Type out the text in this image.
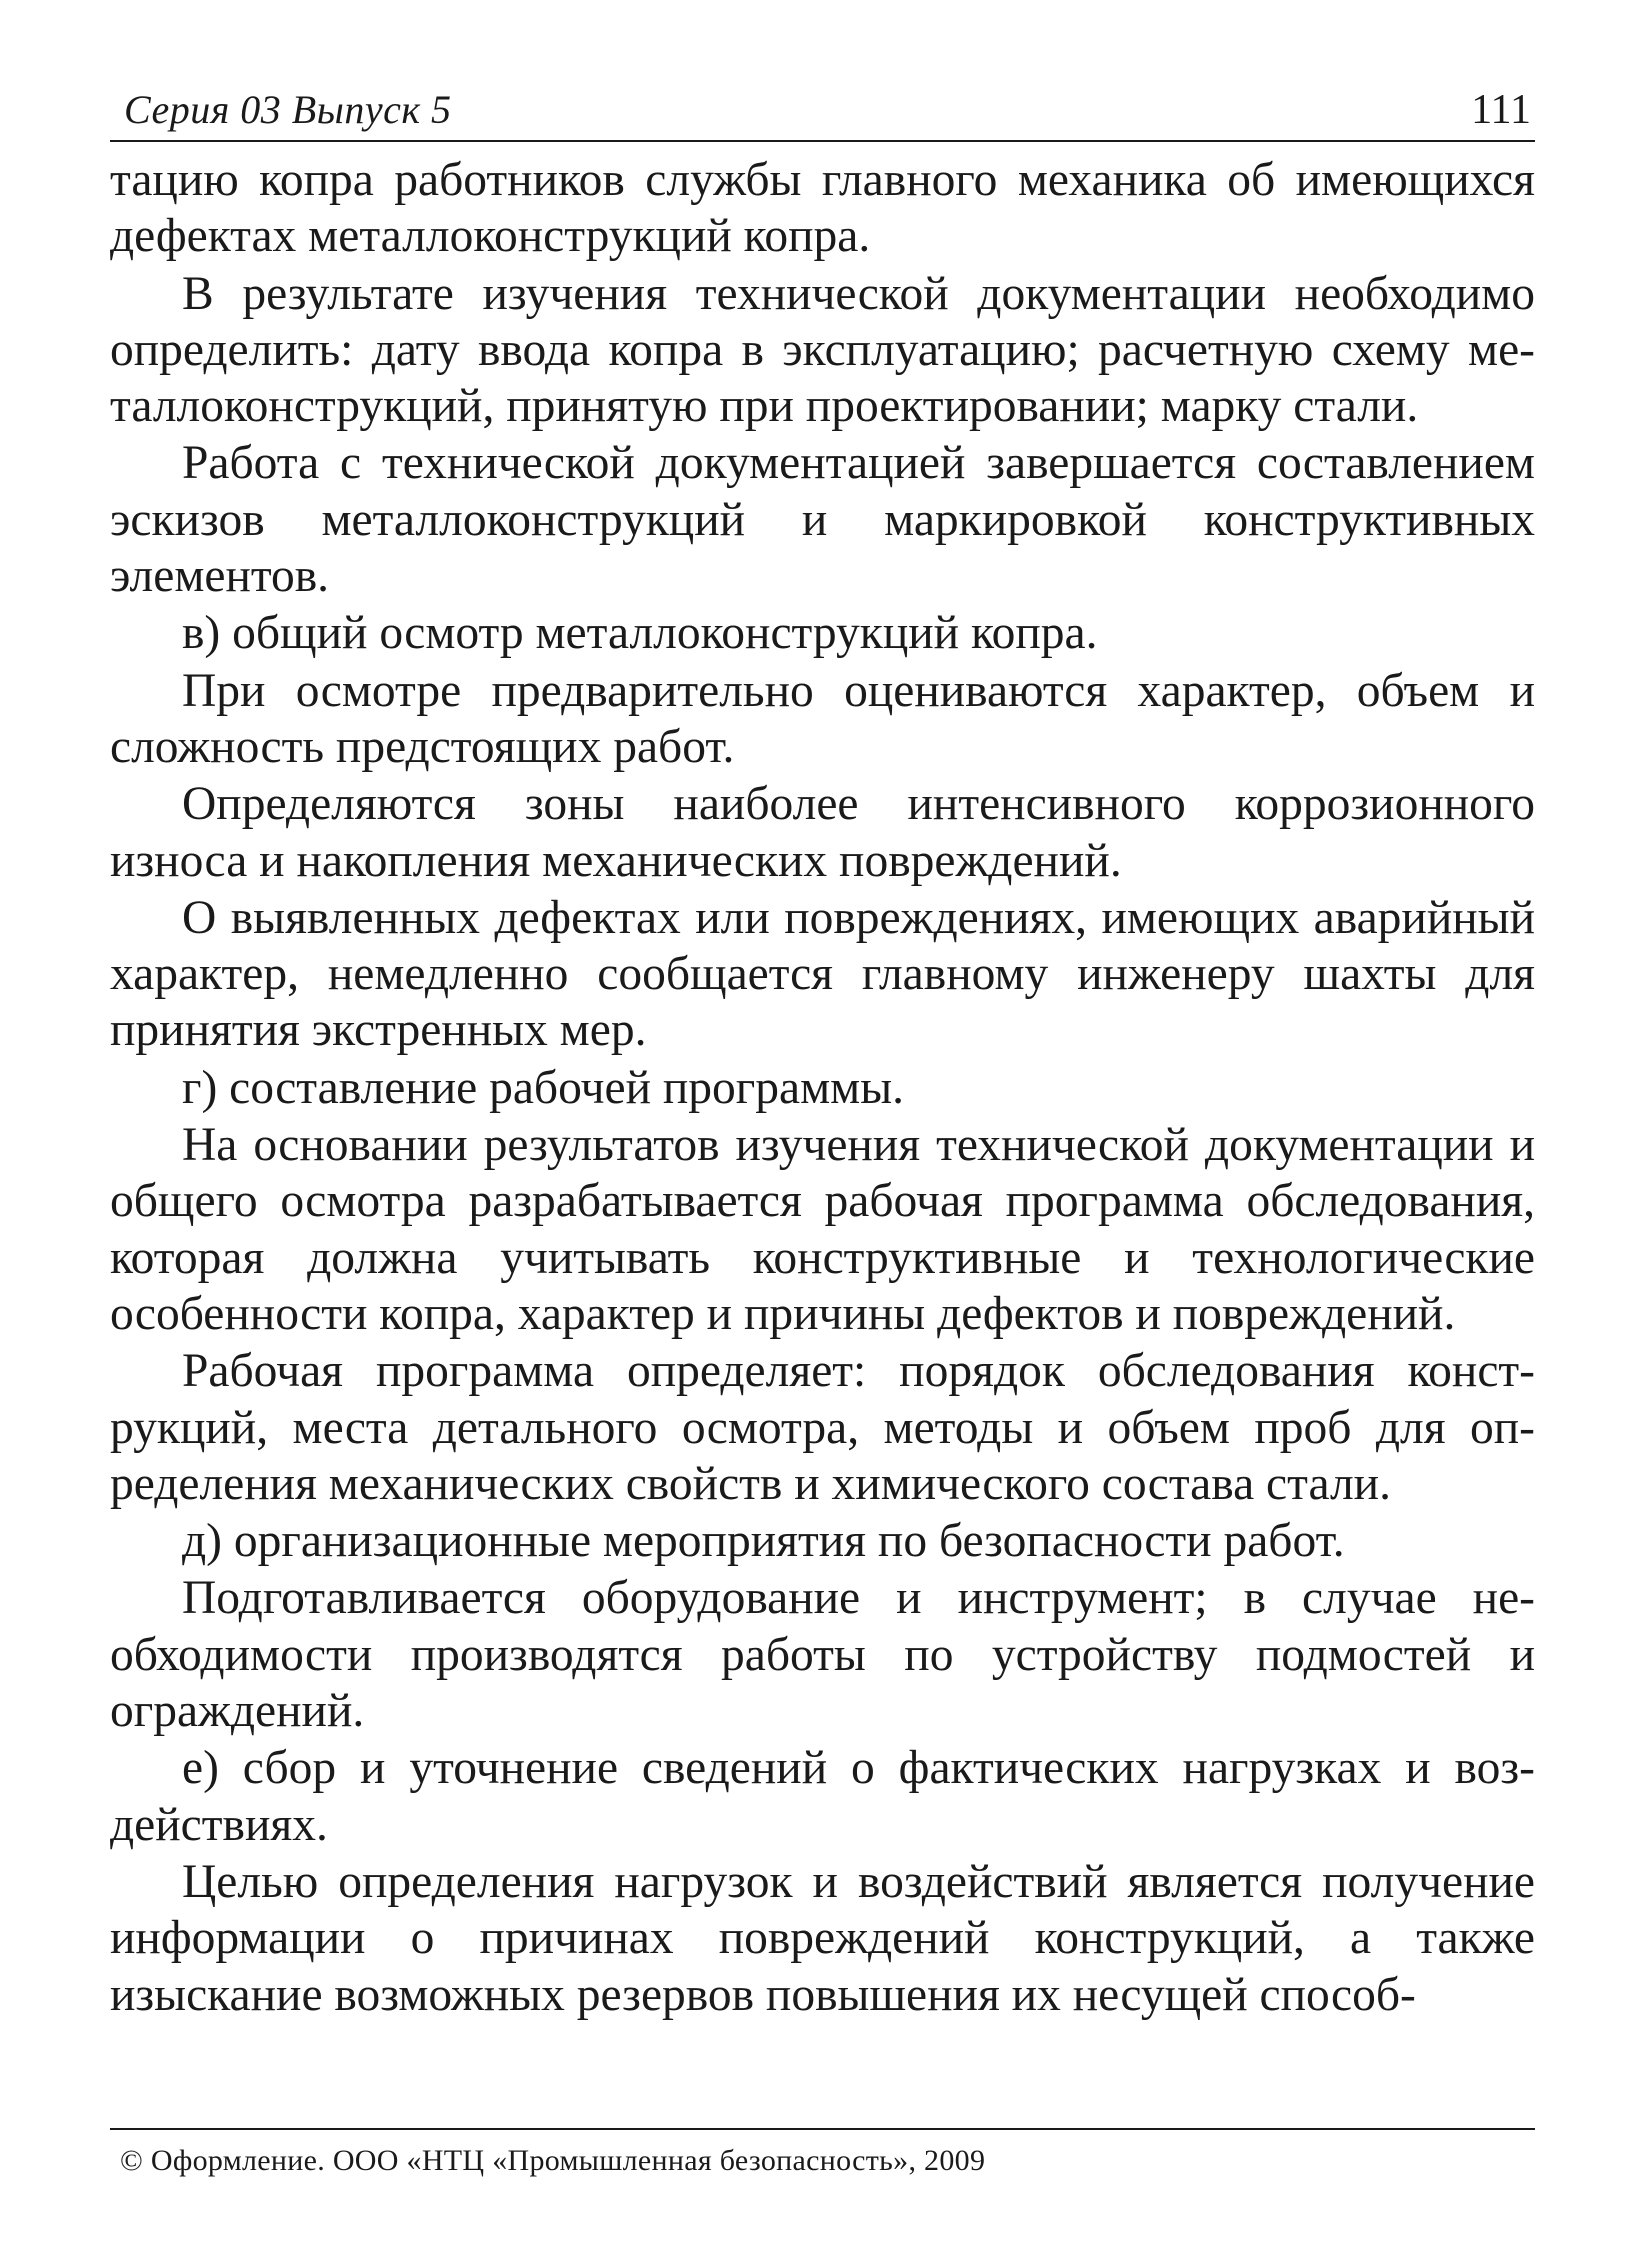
Серия 03 Выпуск 5	111

тацию копра работников службы главного механика об имеющихся дефектах металлоконструкций копра.

В результате изучения технической документации необходимо определить: дату ввода копра в эксплуатацию; расчетную схему металлоконструкций, принятую при проектировании; марку стали.

Работа с технической документацией завершается составлением эскизов металлоконструкций и маркировкой конструктивных элементов.

в) общий осмотр металлоконструкций копра.

При осмотре предварительно оцениваются характер, объем и сложность предстоящих работ.

Определяются зоны наиболее интенсивного коррозионного износа и накопления механических повреждений.

О выявленных дефектах или повреждениях, имеющих аварийный характер, немедленно сообщается главному инженеру шахты для принятия экстренных мер.

г) составление рабочей программы.

На основании результатов изучения технической документации и общего осмотра разрабатывается рабочая программа обследования, которая должна учитывать конструктивные и технологические особенности копра, характер и причины дефектов и повреждений.

Рабочая программа определяет: порядок обследования конструкций, места детального осмотра, методы и объем проб для определения механических свойств и химического состава стали.

д) организационные мероприятия по безопасности работ.

Подготавливается оборудование и инструмент; в случае необходимости производятся работы по устройству подмостей и ограждений.

е) сбор и уточнение сведений о фактических нагрузках и воздействиях.

Целью определения нагрузок и воздействий является получение информации о причинах повреждений конструкций, а также изыскание возможных резервов повышения их несущей способ-

© Оформление. ООО «НТЦ «Промышленная безопасность», 2009
